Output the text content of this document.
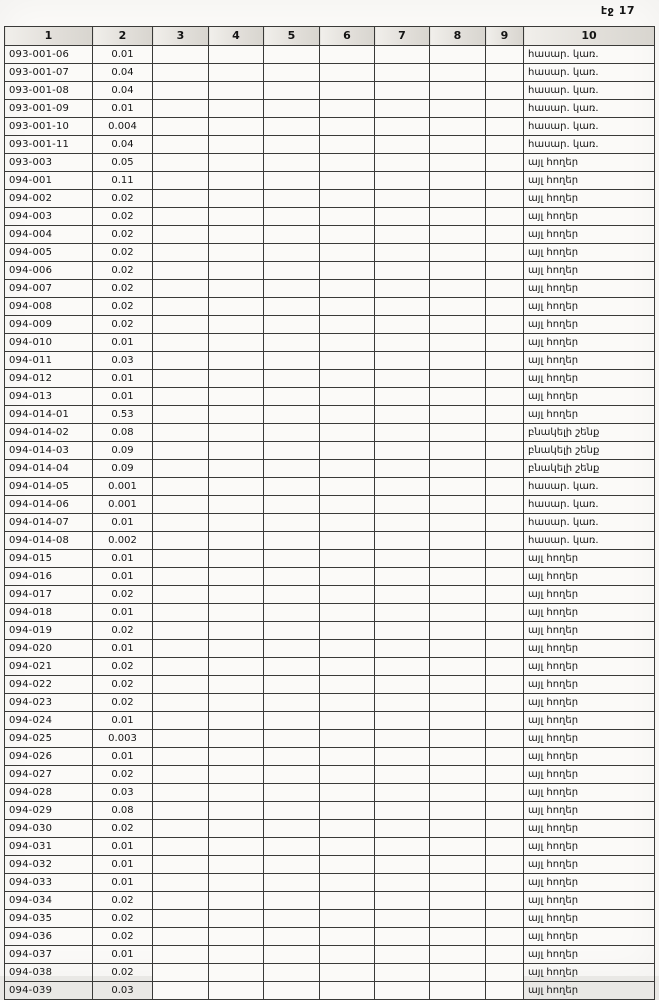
էջ 17
1	2	3	4	5	6	7	8	9	10
093-001-06	0.01								հասար. կառ.
093-001-07	0.04								հասար. կառ.
093-001-08	0.04								հասար. կառ.
093-001-09	0.01								հասար. կառ.
093-001-10	0.004								հասար. կառ.
093-001-11	0.04								հասար. կառ.
093-003	0.05								այլ հողեր
094-001	0.11								այլ հողեր
094-002	0.02								այլ հողեր
094-003	0.02								այլ հողեր
094-004	0.02								այլ հողեր
094-005	0.02								այլ հողեր
094-006	0.02								այլ հողեր
094-007	0.02								այլ հողեր
094-008	0.02								այլ հողեր
094-009	0.02								այլ հողեր
094-010	0.01								այլ հողեր
094-011	0.03								այլ հողեր
094-012	0.01								այլ հողեր
094-013	0.01								այլ հողեր
094-014-01	0.53								այլ հողեր
094-014-02	0.08								բնակելի շենք
094-014-03	0.09								բնակելի շենք
094-014-04	0.09								բնակելի շենք
094-014-05	0.001								հասար. կառ.
094-014-06	0.001								հասար. կառ.
094-014-07	0.01								հասար. կառ.
094-014-08	0.002								հասար. կառ.
094-015	0.01								այլ հողեր
094-016	0.01								այլ հողեր
094-017	0.02								այլ հողեր
094-018	0.01								այլ հողեր
094-019	0.02								այլ հողեր
094-020	0.01								այլ հողեր
094-021	0.02								այլ հողեր
094-022	0.02								այլ հողեր
094-023	0.02								այլ հողեր
094-024	0.01								այլ հողեր
094-025	0.003								այլ հողեր
094-026	0.01								այլ հողեր
094-027	0.02								այլ հողեր
094-028	0.03								այլ հողեր
094-029	0.08								այլ հողեր
094-030	0.02								այլ հողեր
094-031	0.01								այլ հողեր
094-032	0.01								այլ հողեր
094-033	0.01								այլ հողեր
094-034	0.02								այլ հողեր
094-035	0.02								այլ հողեր
094-036	0.02								այլ հողեր
094-037	0.01								այլ հողեր
094-038	0.02								այլ հողեր
094-039	0.03								այլ հողեր
